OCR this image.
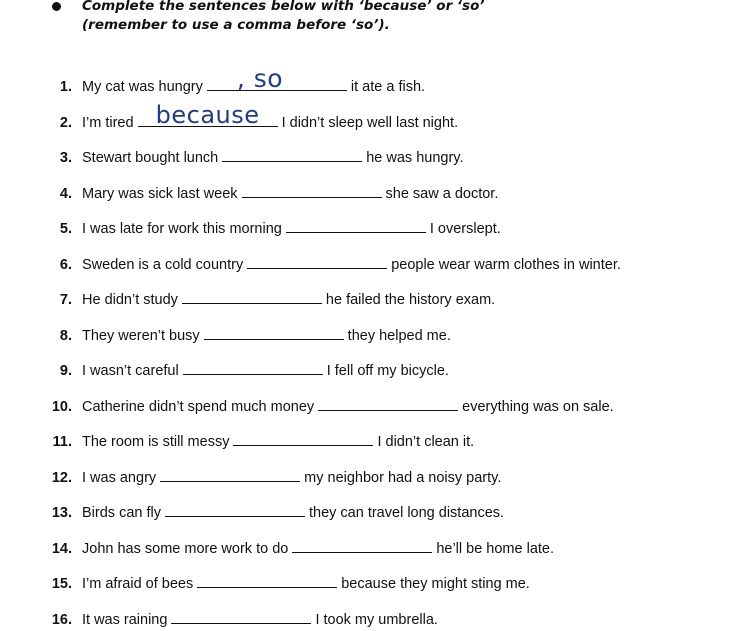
Complete the sentences below with ‘because’ or ‘so’
(remember to use a comma before ‘so’).
1. My cat was hungry , so	it ate a fish.
2. I’m tired because	I didn’t sleep well last night.
3. Stewart bought lunch	he was hungry.
4. Mary was sick last week	she saw a doctor.
5. I was late for work this morning	I overslept.
6. Sweden is a cold country	people wear warm clothes in winter.
7. He didn’t study	he failed the history exam.
8. They weren’t busy	they helped me.
9. I wasn’t careful	I fell off my bicycle.
10. Catherine didn’t spend much money	everything was on sale.
11. The room is still messy	I didn’t clean it.
12. I was angry	my neighbor had a noisy party.
13. Birds can fly	they can travel long distances.
14. John has some more work to do	he’ll be home late.
15. I’m afraid of bees	because they might sting me.
16. It was raining	I took my umbrella.
